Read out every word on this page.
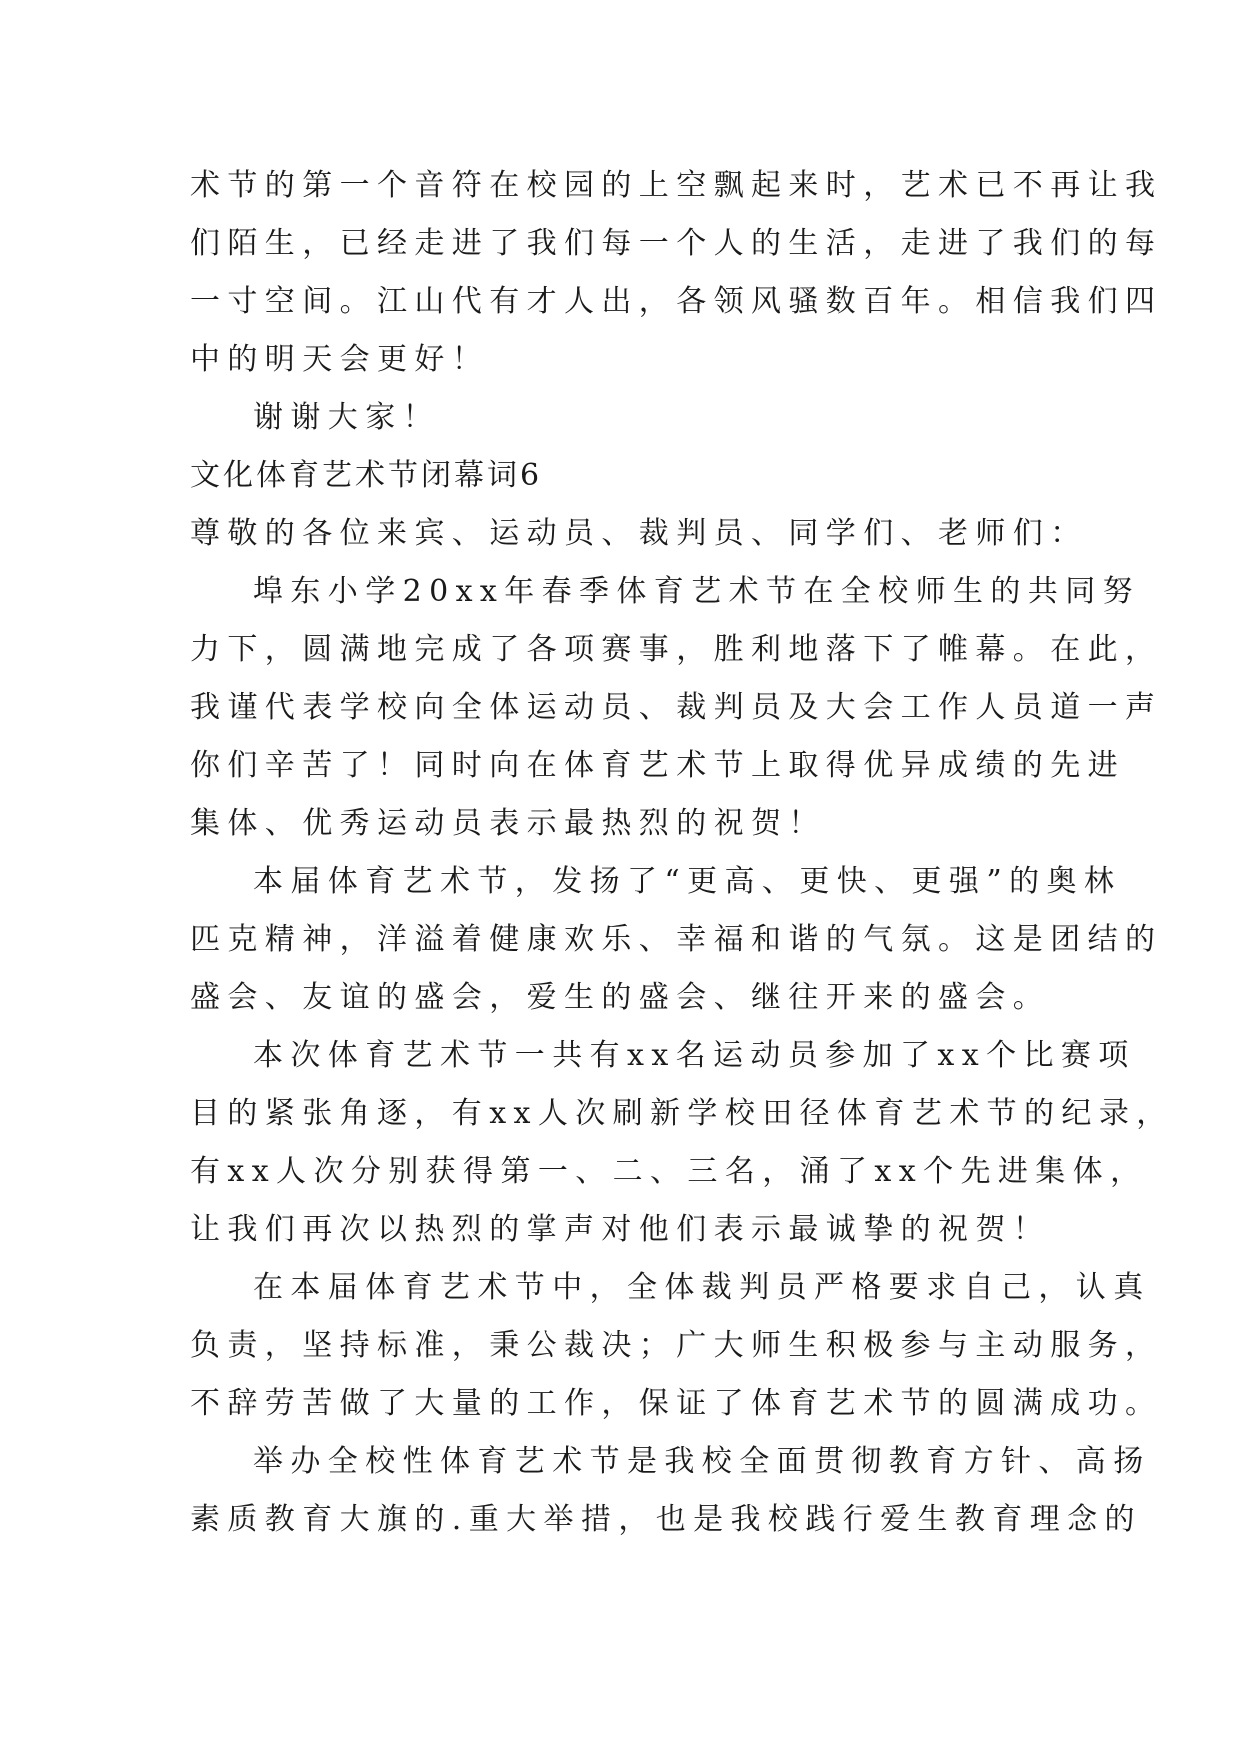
术节的第一个音符在校园的上空飘起来时，艺术已不再让我
们陌生，已经走进了我们每一个人的生活，走进了我们的每
一寸空间。江山代有才人出，各领风骚数百年。相信我们四
中的明天会更好！
谢谢大家！
文化体育艺术节闭幕词6
尊敬的各位来宾、运动员、裁判员、同学们、老师们：
埠东小学20xx年春季体育艺术节在全校师生的共同努
力下，圆满地完成了各项赛事，胜利地落下了帷幕。在此，
我谨代表学校向全体运动员、裁判员及大会工作人员道一声
你们辛苦了！同时向在体育艺术节上取得优异成绩的先进
集体、优秀运动员表示最热烈的祝贺！
本届体育艺术节，发扬了“更高、更快、更强”的奥林
匹克精神，洋溢着健康欢乐、幸福和谐的气氛。这是团结的
盛会、友谊的盛会，爱生的盛会、继往开来的盛会。
本次体育艺术节一共有xx名运动员参加了xx个比赛项
目的紧张角逐，有xx人次刷新学校田径体育艺术节的纪录，
有xx人次分别获得第一、二、三名，涌了xx个先进集体，
让我们再次以热烈的掌声对他们表示最诚挚的祝贺！
在本届体育艺术节中，全体裁判员严格要求自己，认真
负责，坚持标准，秉公裁决；广大师生积极参与主动服务，
不辞劳苦做了大量的工作，保证了体育艺术节的圆满成功。
举办全校性体育艺术节是我校全面贯彻教育方针、高扬
素质教育大旗的.重大举措，也是我校践行爱生教育理念的
